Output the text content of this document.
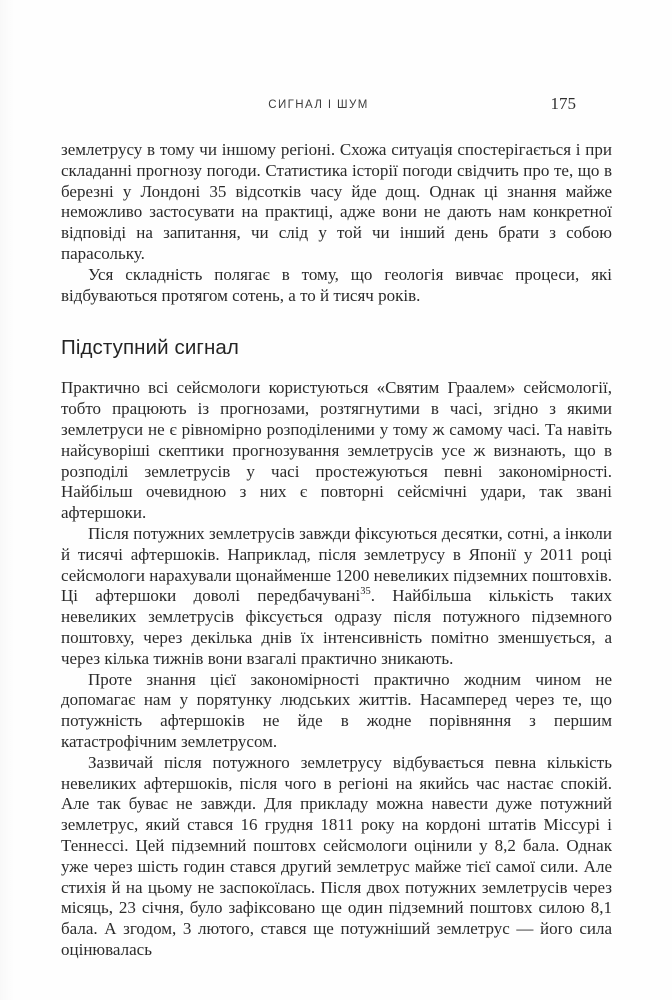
СИГНАЛ І ШУМ	175

землетрусу в тому чи іншому регіоні. Схожа ситуація спостерігається і при складанні прогнозу погоди. Статистика історії погоди свідчить про те, що в березні у Лондоні 35 відсотків часу йде дощ. Однак ці знання майже неможливо застосувати на практиці, адже вони не дають нам конкретної відповіді на запитання, чи слід у той чи інший день брати з собою парасольку.

Уся складність полягає в тому, що геологія вивчає процеси, які відбуваються протягом сотень, а то й тисяч років.

Підступний сигнал

Практично всі сейсмологи користуються «Святим Граалем» сейсмології, тобто працюють із прогнозами, розтягнутими в часі, згідно з якими землетруси не є рівномірно розподіленими у тому ж самому часі. Та навіть найсуворіші скептики прогнозування землетрусів усе ж визнають, що в розподілі землетрусів у часі простежуються певні закономірності. Найбільш очевидною з них є повторні сейсмічні удари, так звані афтершоки.

Після потужних землетрусів завжди фіксуються десятки, сотні, а інколи й тисячі афтершоків. Наприклад, після землетрусу в Японії у 2011 році сейсмологи нарахували щонайменше 1200 невеликих підземних поштовхів. Ці афтершоки доволі передбачувані$^{35}$. Найбільша кількість таких невеликих землетрусів фіксується одразу після потужного підземного поштовху, через декілька днів їх інтенсивність помітно зменшується, а через кілька тижнів вони взагалі практично зникають.

Проте знання цієї закономірності практично жодним чином не допомагає нам у порятунку людських життів. Насамперед через те, що потужність афтершоків не йде в жодне порівняння з першим катастрофічним землетрусом.

Зазвичай після потужного землетрусу відбувається певна кількість невеликих афтершоків, після чого в регіоні на якийсь час настає спокій. Але так буває не завжди. Для прикладу можна навести дуже потужний землетрус, який стався 16 грудня 1811 року на кордоні штатів Міссурі і Теннессі. Цей підземний поштовх сейсмологи оцінили у 8,2 бала. Однак уже через шість годин стався другий землетрус майже тієї самої сили. Але стихія й на цьому не заспокоїлась. Після двох потужних землетрусів через місяць, 23 січня, було зафіксовано ще один підземний поштовх силою 8,1 бала. А згодом, 3 лютого, стався ще потужніший землетрус — його сила оцінювалась
